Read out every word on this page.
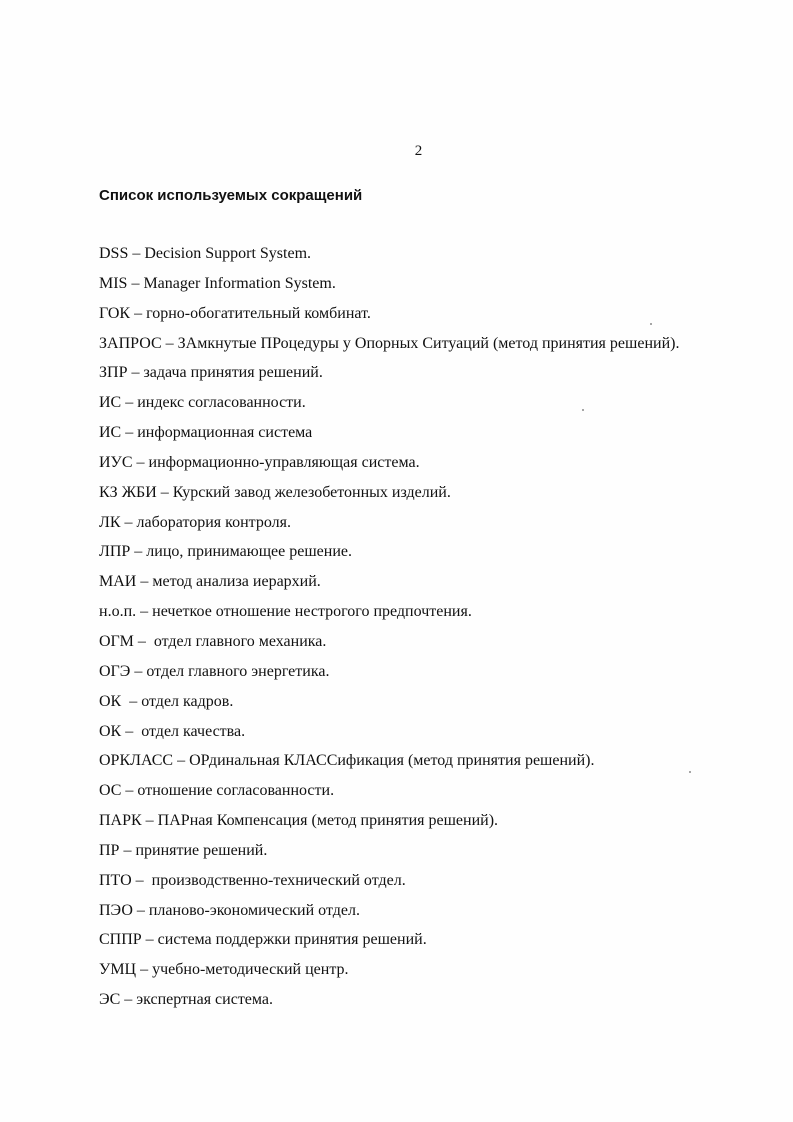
2
Список используемых сокращений
DSS – Decision Support System.
MIS – Manager Information System.
ГОК – горно-обогатительный комбинат.
ЗАПРОС – ЗАмкнутые ПРоцедуры у Опорных Ситуаций (метод принятия решений).
ЗПР – задача принятия решений.
ИС – индекс согласованности.
ИС – информационная система
ИУС – информационно-управляющая система.
КЗ ЖБИ – Курский завод железобетонных изделий.
ЛК – лаборатория контроля.
ЛПР – лицо, принимающее решение.
МАИ – метод анализа иерархий.
н.о.п. – нечеткое отношение нестрогого предпочтения.
ОГМ –  отдел главного механика.
ОГЭ – отдел главного энергетика.
ОК  – отдел кадров.
ОК –  отдел качества.
ОРКЛАСС – ОРдинальная КЛАССификация (метод принятия решений).
ОС – отношение согласованности.
ПАРК – ПАРная Компенсация (метод принятия решений).
ПР – принятие решений.
ПТО –  производственно-технический отдел.
ПЭО – планово-экономический отдел.
СППР – система поддержки принятия решений.
УМЦ – учебно-методический центр.
ЭС – экспертная система.
